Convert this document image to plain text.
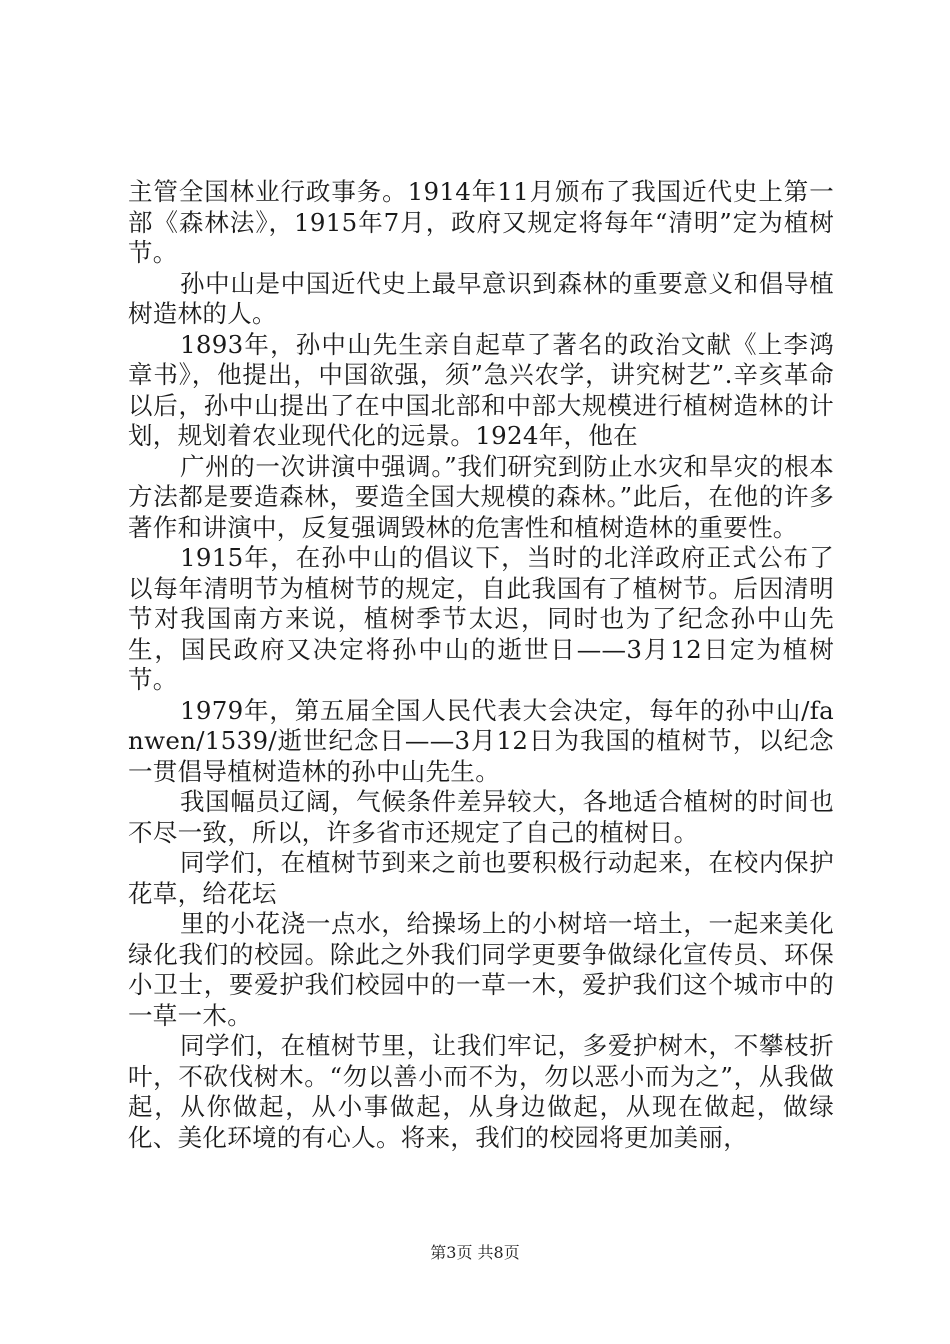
主管全国林业行政事务。1914年11月颁布了我国近代史上第一部《森林法》，1915年7月，政府又规定将每年“清明”定为植树节。

孙中山是中国近代史上最早意识到森林的重要意义和倡导植树造林的人。

1893年，孙中山先生亲自起草了著名的政治文献《上李鸿章书》，他提出，中国欲强，须”急兴农学，讲究树艺”.辛亥革命以后，孙中山提出了在中国北部和中部大规模进行植树造林的计划，规划着农业现代化的远景。1924年，他在

广州的一次讲演中强调。”我们研究到防止水灾和旱灾的根本方法都是要造森林，要造全国大规模的森林。”此后，在他的许多著作和讲演中，反复强调毁林的危害性和植树造林的重要性。

1915年，在孙中山的倡议下，当时的北洋政府正式公布了以每年清明节为植树节的规定，自此我国有了植树节。后因清明节对我国南方来说，植树季节太迟，同时也为了纪念孙中山先生，国民政府又决定将孙中山的逝世日——3月12日定为植树节。

1979年，第五届全国人民代表大会决定，每年的孙中山/fanwen/1539/逝世纪念日——3月12日为我国的植树节，以纪念一贯倡导植树造林的孙中山先生。

我国幅员辽阔，气候条件差异较大，各地适合植树的时间也不尽一致，所以，许多省市还规定了自己的植树日。

同学们，在植树节到来之前也要积极行动起来，在校内保护花草，给花坛

里的小花浇一点水，给操场上的小树培一培土，一起来美化绿化我们的校园。除此之外我们同学更要争做绿化宣传员、环保小卫士，要爱护我们校园中的一草一木，爱护我们这个城市中的一草一木。

同学们，在植树节里，让我们牢记，多爱护树木，不攀枝折叶，不砍伐树木。“勿以善小而不为，勿以恶小而为之”，从我做起，从你做起，从小事做起，从身边做起，从现在做起，做绿化、美化环境的有心人。将来，我们的校园将更加美丽，

第3页 共8页
